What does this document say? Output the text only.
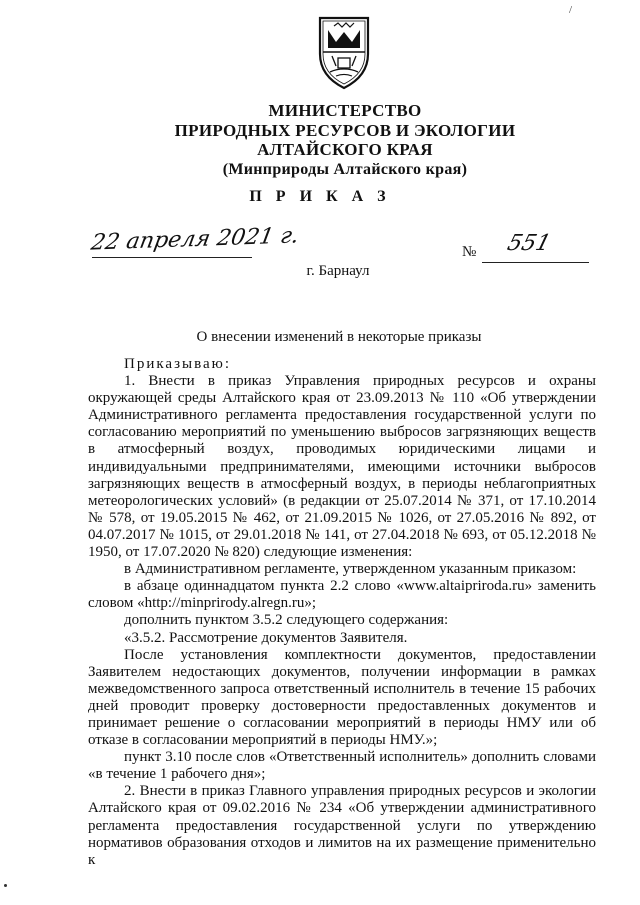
/
МИНИСТЕРСТВО
ПРИРОДНЫХ РЕСУРСОВ И ЭКОЛОГИИ
АЛТАЙСКОГО КРАЯ
(Минприроды Алтайского края)
П Р И К А З
22 апреля 2021 г.	№ 551
г. Барнаул
О внесении изменений в некоторые приказы

Приказываю:

1. Внести в приказ Управления природных ресурсов и охраны окружающей среды Алтайского края от 23.09.2013 № 110 «Об утверждении Административного регламента предоставления государственной услуги по согласованию мероприятий по уменьшению выбросов загрязняющих веществ в атмосферный воздух, проводимых юридическими лицами и индивидуальными предпринимателями, имеющими источники выбросов загрязняющих веществ в атмосферный воздух, в периоды неблагоприятных метеорологических условий» (в редакции от 25.07.2014 № 371, от 17.10.2014 № 578, от 19.05.2015 № 462, от 21.09.2015 № 1026, от 27.05.2016 № 892, от 04.07.2017 № 1015, от 29.01.2018 № 141, от 27.04.2018 № 693, от 05.12.2018 № 1950, от 17.07.2020 № 820) следующие изменения:

в Административном регламенте, утвержденном указанным приказом:

в абзаце одиннадцатом пункта 2.2 слово «www.altaipriroda.ru» заменить словом «http://minprirody.alregn.ru»;

дополнить пунктом 3.5.2 следующего содержания:

«3.5.2. Рассмотрение документов Заявителя.

После установления комплектности документов, предоставлении Заявителем недостающих документов, получении информации в рамках межведомственного запроса ответственный исполнитель в течение 15 рабочих дней проводит проверку достоверности предоставленных документов и принимает решение о согласовании мероприятий в периоды НМУ или об отказе в согласовании мероприятий в периоды НМУ.»;

пункт 3.10 после слов «Ответственный исполнитель» дополнить словами «в течение 1 рабочего дня»;

2. Внести в приказ Главного управления природных ресурсов и экологии Алтайского края от 09.02.2016 № 234 «Об утверждении административного регламента предоставления государственной услуги по утверждению нормативов образования отходов и лимитов на их размещение применительно к
